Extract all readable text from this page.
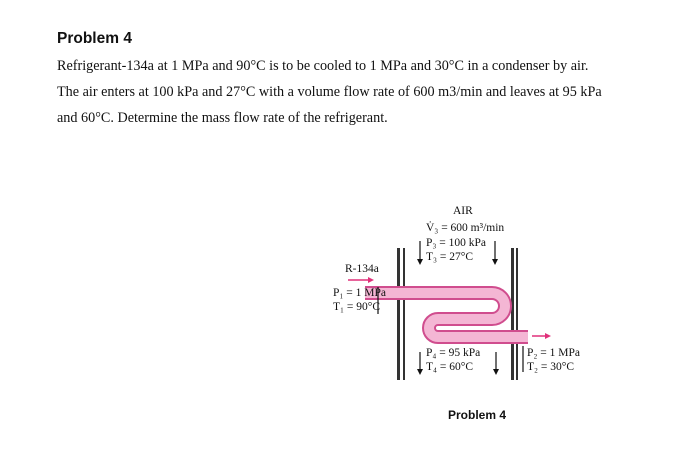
Problem 4
Refrigerant-134a at 1 MPa and 90°C is to be cooled to 1 MPa and 30°C in a condenser by air.
The air enters at 100 kPa and 27°C with a volume flow rate of 600 m3/min and leaves at 95 kPa
and 60°C. Determine the mass flow rate of the refrigerant.
AIR
V̇₃ = 600 m³/min
P₃ = 100 kPa
T₃ = 27°C
R-134a
P₁ = 1 MPa
T₁ = 90°C
P₄ = 95 kPa
T₄ = 60°C
P₂ = 1 MPa
T₂ = 30°C
Problem 4
